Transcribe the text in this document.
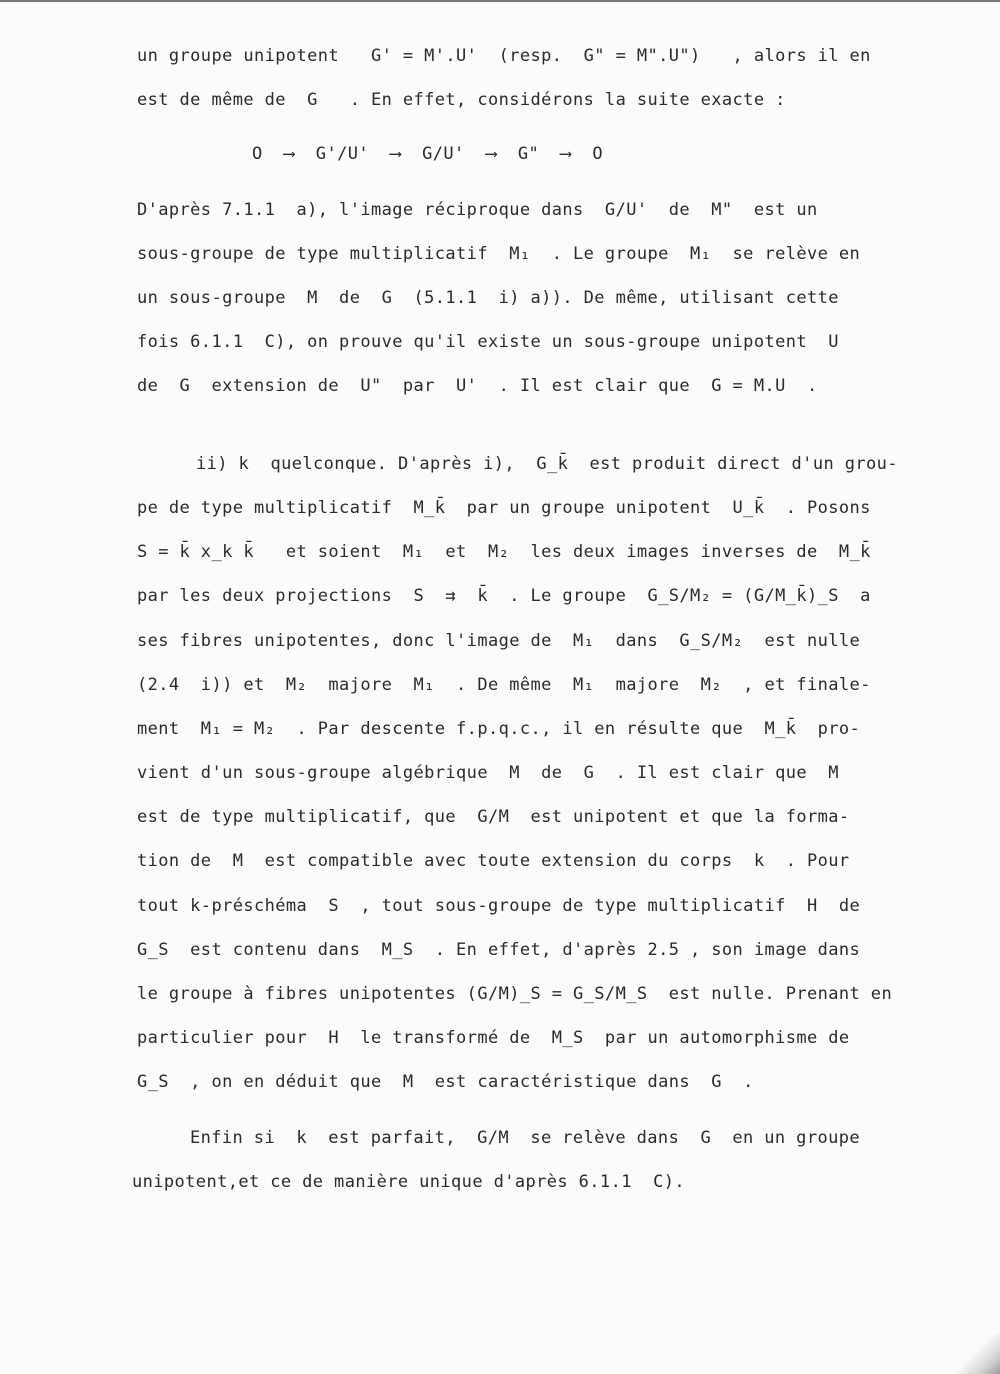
un groupe unipotent   G' = M'.U'  (resp.  G" = M".U")   , alors il en
est de même de  G   . En effet, considérons la suite exacte :
O  ⟶  G'/U'  ⟶  G/U'  ⟶  G"  ⟶  O
D'après 7.1.1  a), l'image réciproque dans  G/U'  de  M"  est un
sous-groupe de type multiplicatif  M₁  . Le groupe  M₁  se relève en
un sous-groupe  M  de  G  (5.1.1  i) a)). De même, utilisant cette
fois 6.1.1  C), on prouve qu'il existe un sous-groupe unipotent  U
de  G  extension de  U"  par  U'  . Il est clair que  G = M.U  .
ii) k  quelconque. D'après i),  G_k̄  est produit direct d'un grou-
pe de type multiplicatif  M_k̄  par un groupe unipotent  U_k̄  . Posons
S = k̄ x_k k̄   et soient  M₁  et  M₂  les deux images inverses de  M_k̄
par les deux projections  S  ⇉  k̄  . Le groupe  G_S/M₂ = (G/M_k̄)_S  a
ses fibres unipotentes, donc l'image de  M₁  dans  G_S/M₂  est nulle
(2.4  i)) et  M₂  majore  M₁  . De même  M₁  majore  M₂  , et finale-
ment  M₁ = M₂  . Par descente f.p.q.c., il en résulte que  M_k̄  pro-
vient d'un sous-groupe algébrique  M  de  G  . Il est clair que  M
est de type multiplicatif, que  G/M  est unipotent et que la forma-
tion de  M  est compatible avec toute extension du corps  k  . Pour
tout k-préschéma  S  , tout sous-groupe de type multiplicatif  H  de
G_S  est contenu dans  M_S  . En effet, d'après 2.5 , son image dans
le groupe à fibres unipotentes (G/M)_S = G_S/M_S  est nulle. Prenant en
particulier pour  H  le transformé de  M_S  par un automorphisme de
G_S  , on en déduit que  M  est caractéristique dans  G  .
Enfin si  k  est parfait,  G/M  se relève dans  G  en un groupe
unipotent,et ce de manière unique d'après 6.1.1  C).
